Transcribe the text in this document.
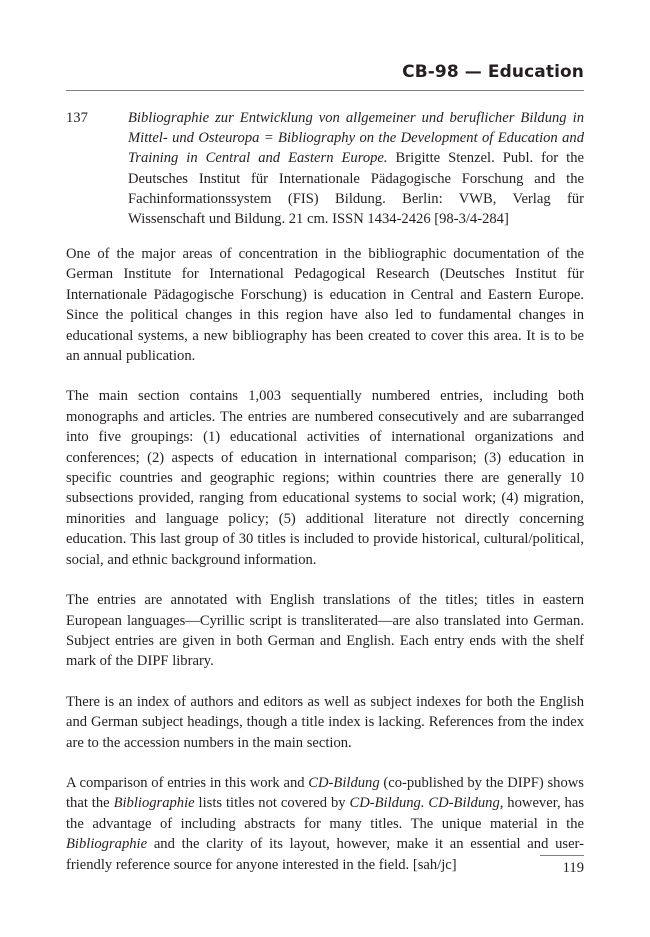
CB-98 — Education
137	Bibliographie zur Entwicklung von allgemeiner und beruflicher Bildung in Mittel- und Osteuropa = Bibliography on the Development of Education and Training in Central and Eastern Europe. Brigitte Stenzel. Publ. for the Deutsches Institut für Internationale Pädagogische Forschung and the Fachinformationssystem (FIS) Bildung. Berlin: VWB, Verlag für Wissenschaft und Bildung. 21 cm. ISSN 1434-2426 [98-3/4-284]

One of the major areas of concentration in the bibliographic documentation of the German Institute for International Pedagogical Research (Deutsches Institut für Internationale Pädagogische Forschung) is education in Central and Eastern Europe. Since the political changes in this region have also led to fundamental changes in educational systems, a new bibliography has been created to cover this area. It is to be an annual publication.

The main section contains 1,003 sequentially numbered entries, including both monographs and articles. The entries are numbered consecutively and are subarranged into five groupings: (1) educational activities of international organizations and conferences; (2) aspects of education in international comparison; (3) education in specific countries and geographic regions; within countries there are generally 10 subsections provided, ranging from educational systems to social work; (4) migration, minorities and language policy; (5) additional literature not directly concerning education. This last group of 30 titles is included to provide historical, cultural/political, social, and ethnic background information.

The entries are annotated with English translations of the titles; titles in eastern European languages—Cyrillic script is transliterated—are also translated into German. Subject entries are given in both German and English. Each entry ends with the shelf mark of the DIPF library.

There is an index of authors and editors as well as subject indexes for both the English and German subject headings, though a title index is lacking. References from the index are to the accession numbers in the main section.

A comparison of entries in this work and CD-Bildung (co-published by the DIPF) shows that the Bibliographie lists titles not covered by CD-Bildung. CD-Bildung, however, has the advantage of including abstracts for many titles. The unique material in the Bibliographie and the clarity of its layout, however, make it an essential and user-friendly reference source for anyone interested in the field. [sah/jc]	119
